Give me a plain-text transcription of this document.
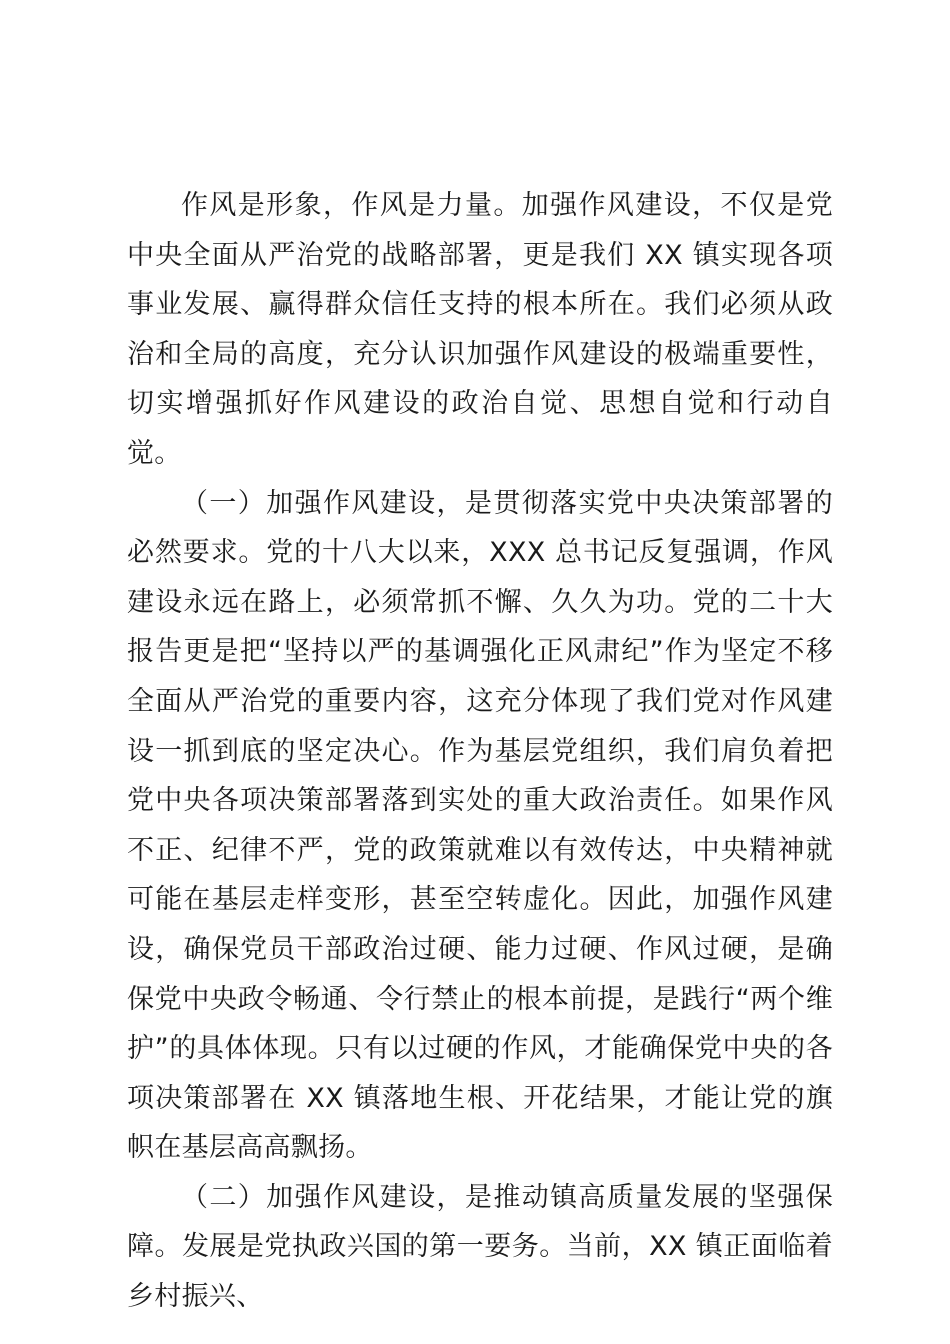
作风是形象，作风是力量。加强作风建设，不仅是党中央全面从严治党的战略部署，更是我们 XX 镇实现各项事业发展、赢得群众信任支持的根本所在。我们必须从政治和全局的高度，充分认识加强作风建设的极端重要性，切实增强抓好作风建设的政治自觉、思想自觉和行动自觉。

（一）加强作风建设，是贯彻落实党中央决策部署的必然要求。党的十八大以来，XXX 总书记反复强调，作风建设永远在路上，必须常抓不懈、久久为功。党的二十大报告更是把“坚持以严的基调强化正风肃纪”作为坚定不移全面从严治党的重要内容，这充分体现了我们党对作风建设一抓到底的坚定决心。作为基层党组织，我们肩负着把党中央各项决策部署落到实处的重大政治责任。如果作风不正、纪律不严，党的政策就难以有效传达，中央精神就可能在基层走样变形，甚至空转虚化。因此，加强作风建设，确保党员干部政治过硬、能力过硬、作风过硬，是确保党中央政令畅通、令行禁止的根本前提，是践行“两个维护”的具体体现。只有以过硬的作风，才能确保党中央的各项决策部署在 XX 镇落地生根、开花结果，才能让党的旗帜在基层高高飘扬。

（二）加强作风建设，是推动镇高质量发展的坚强保障。发展是党执政兴国的第一要务。当前，XX 镇正面临着乡村振兴、
